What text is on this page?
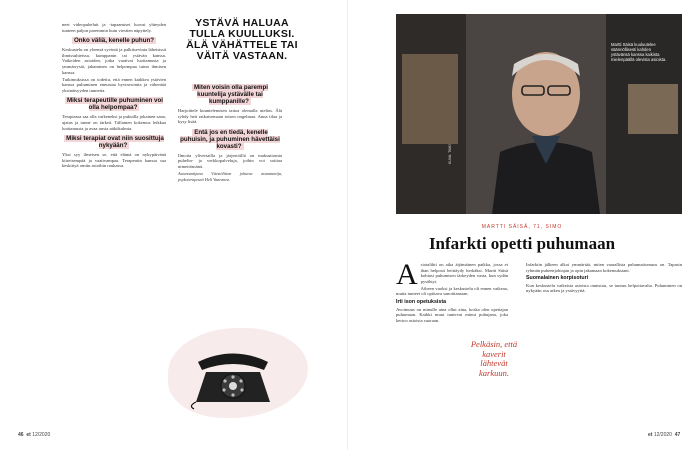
neet videopuheluit ja -tapaamiset luovat yhteyden tunteen paljon paremmin kuin viestien näpyttely.

Onko väliä, kenelle puhun?

Keskustelu on yleensä syvintä ja palkitsevinta läheisissä ihmissuhteissa, kumppanin tai ystävän kanssa. Vaikeiden asioiden, jotka vaativat luottamusta ja ymmärrystä, jakaminen on helpompaa tutun ihmisen kanssa.

Tutkimuksissa on todettu, että ennen kaikkea ystävien kanssa puhuminen ennustaa hyvinvointia ja vähentää yksinäisyyden tunnetta.

Miksi terapeutille puhuminen voi olla helpompaa?

Terapiassa saa olla vaikeneksi ja pukuilla jokainen sana, ajatus ja tunne on tärkeä. Tällainen kokemus leikkaa luottamusta ja avaa uusia näkökulmia.

Miksi terapiat ovat niin suosittuja nykyään?

Yksi syy ilmeisen se, että elämä on nykypäivänä kiireisempää ja vaativampaa. Terapeutin kanssa saa keskittyä omiin asioihin rauhassa.

YSTÄVÄ HALUAA TULLA KUULLUKSI. ÄLÄ VÄHÄTTELE TAI VÄITÄ VASTAAN.
Miten voisin olla parempi kuuntelija ystävälle tai kumppanille?

Harjoittele kuuntelemisen taitoa olemalla utelias. Älä ryhdy heti ratkaisemaan toisen ongelmaa. Anna tilaa ja kysy lisää.

Entä jos en tiedä, kenelle puhuisin, ja puhuminen hävettäisi kovasti?

Ilmoita ylivertailla ja järjestöillä on maksuttomia puhelin- ja verkkopalveluja, joihin voi soittaa nimettömänä.

Asiantuntijana Väestöliiton johtava asiantuntija, psykoterapeutti Heli Vaaranen.

46 et 12/2020
Martti Säisä kuuluutelee säännöllisesti kahden ystävänsä kanssa kaikista mielenpäällä olevista asioista.
KUVA: TIMO
MARTTI SÄISÄ, 71, SIMO
Infarkti opetti puhumaan

Asiotalihti on aika äijämäinen paikka, jossa ei ihan helposti heittäydy herkäksi. Martti Säisä kohtasi puhumisen tärkeyden vasta, kun sydän pysähtyi.

Aiheen vuoksi ja keskustelu oli ennen vaikeaa, mutta tunteet oli opittava sanoittamaan.

Irti ison opetuksista

Avoimuus on minulle aina ollut aina, koska olen opettajan puhumaan. Kaikki muut tuntevat minut puhujana, joka kertoo asioista suoraan.

Pelkäsin, että kaverit lähtevät karkuun.

Infarktin jälkeen alkoi ymmärtää, miten vaarallista puhumattomuus on. Tapasin ryhmän puheenjohtajan ja opin jakamaan kokemuksiani.

Suomalainen korpisoturi

Kun keskustelu vaikeista asioista onnistuu, se tuntuu helpottavalta. Puhuminen on nykyään osa arkea ja ystävyyttä.

et 12/2020 47
